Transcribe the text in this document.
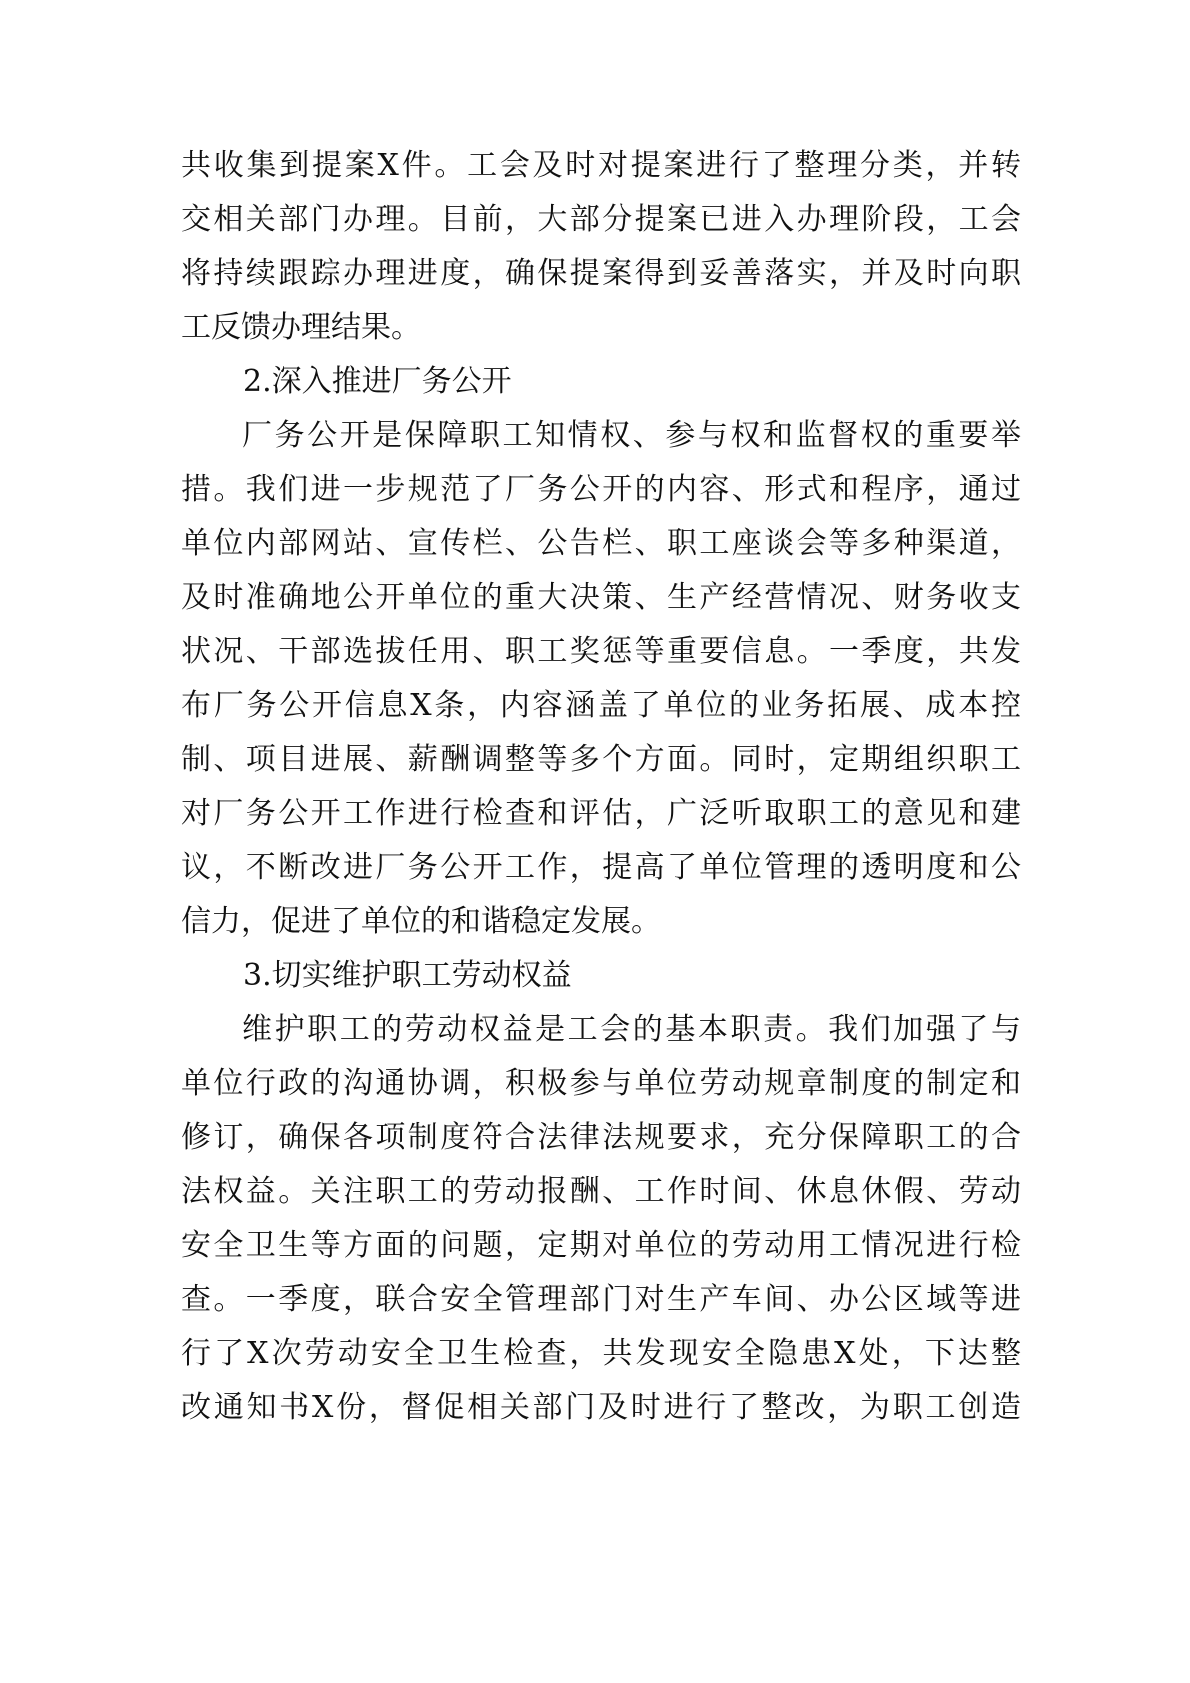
共收集到提案X件。工会及时对提案进行了整理分类，并转
交相关部门办理。目前，大部分提案已进入办理阶段，工会
将持续跟踪办理进度，确保提案得到妥善落实，并及时向职
工反馈办理结果。
2.深入推进厂务公开
厂务公开是保障职工知情权、参与权和监督权的重要举
措。我们进一步规范了厂务公开的内容、形式和程序，通过
单位内部网站、宣传栏、公告栏、职工座谈会等多种渠道，
及时准确地公开单位的重大决策、生产经营情况、财务收支
状况、干部选拔任用、职工奖惩等重要信息。一季度，共发
布厂务公开信息X条，内容涵盖了单位的业务拓展、成本控
制、项目进展、薪酬调整等多个方面。同时，定期组织职工
对厂务公开工作进行检查和评估，广泛听取职工的意见和建
议，不断改进厂务公开工作，提高了单位管理的透明度和公
信力，促进了单位的和谐稳定发展。
3.切实维护职工劳动权益
维护职工的劳动权益是工会的基本职责。我们加强了与
单位行政的沟通协调，积极参与单位劳动规章制度的制定和
修订，确保各项制度符合法律法规要求，充分保障职工的合
法权益。关注职工的劳动报酬、工作时间、休息休假、劳动
安全卫生等方面的问题，定期对单位的劳动用工情况进行检
查。一季度，联合安全管理部门对生产车间、办公区域等进
行了X次劳动安全卫生检查，共发现安全隐患X处，下达整
改通知书X份，督促相关部门及时进行了整改，为职工创造
